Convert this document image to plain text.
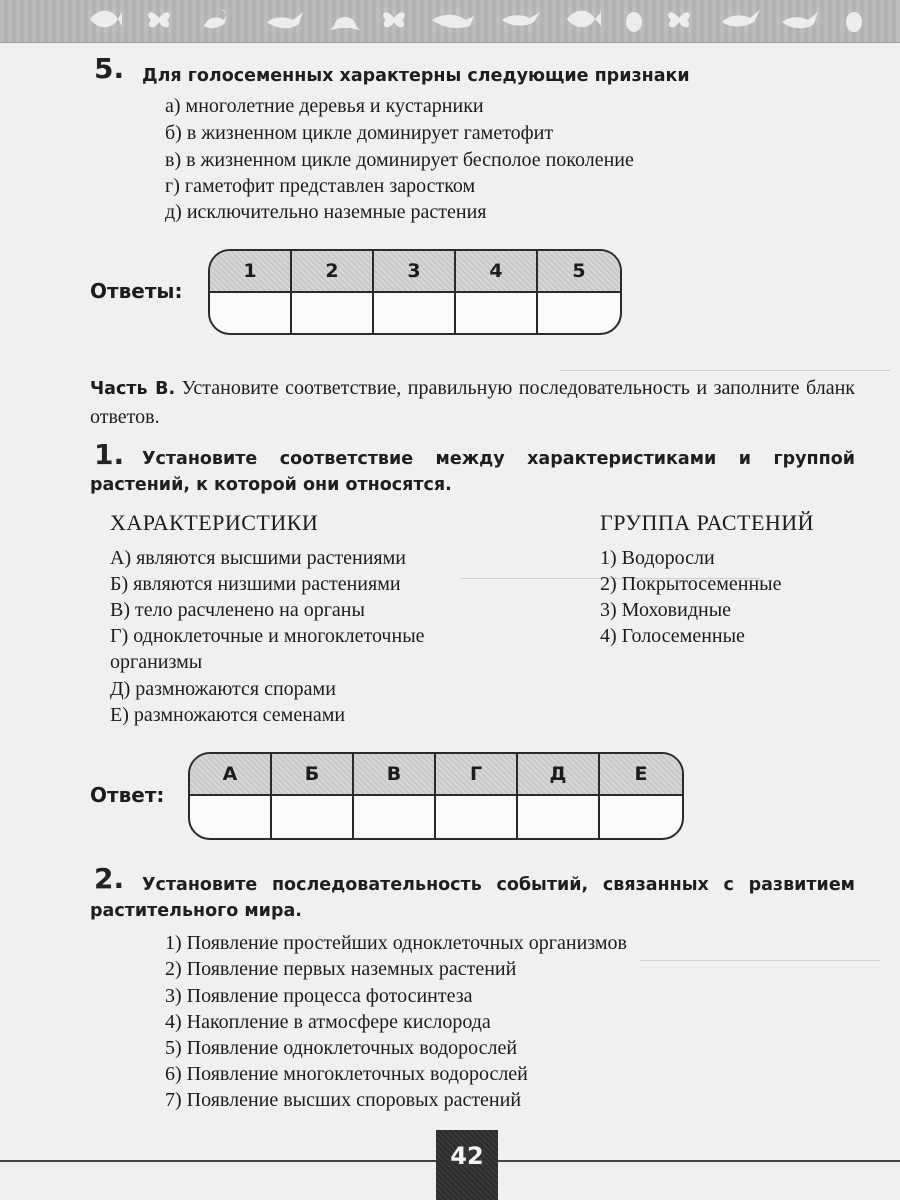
5. Для голосеменных характерны следующие признаки
а) многолетние деревья и кустарники
б) в жизненном цикле доминирует гаметофит
в) в жизненном цикле доминирует бесполое поколение
г) гаметофит представлен заростком
д) исключительно наземные растения
Ответы:
1	2	3	4	5
Часть В. Установите соответствие, правильную последовательность и заполните бланк ответов.
1.	Установите соответствие между характеристиками и группой растений, к которой они относятся.
ХАРАКТЕРИСТИКИ	ГРУППА РАСТЕНИЙ
А) являются высшими растениями
Б) являются низшими растениями
В) тело расчленено на органы
Г) одноклеточные и многоклеточные
организмы
Д) размножаются спорами
Е) размножаются семенами
1) Водоросли
2) Покрытосеменные
3) Моховидные
4) Голосеменные
Ответ:
А	Б	В	Г	Д	Е
2.	Установите последовательность событий, связанных с развитием растительного мира.
1) Появление простейших одноклеточных организмов
2) Появление первых наземных растений
3) Появление процесса фотосинтеза
4) Накопление в атмосфере кислорода
5) Появление одноклеточных водорослей
6) Появление многоклеточных водорослей
7) Появление высших споровых растений
42
